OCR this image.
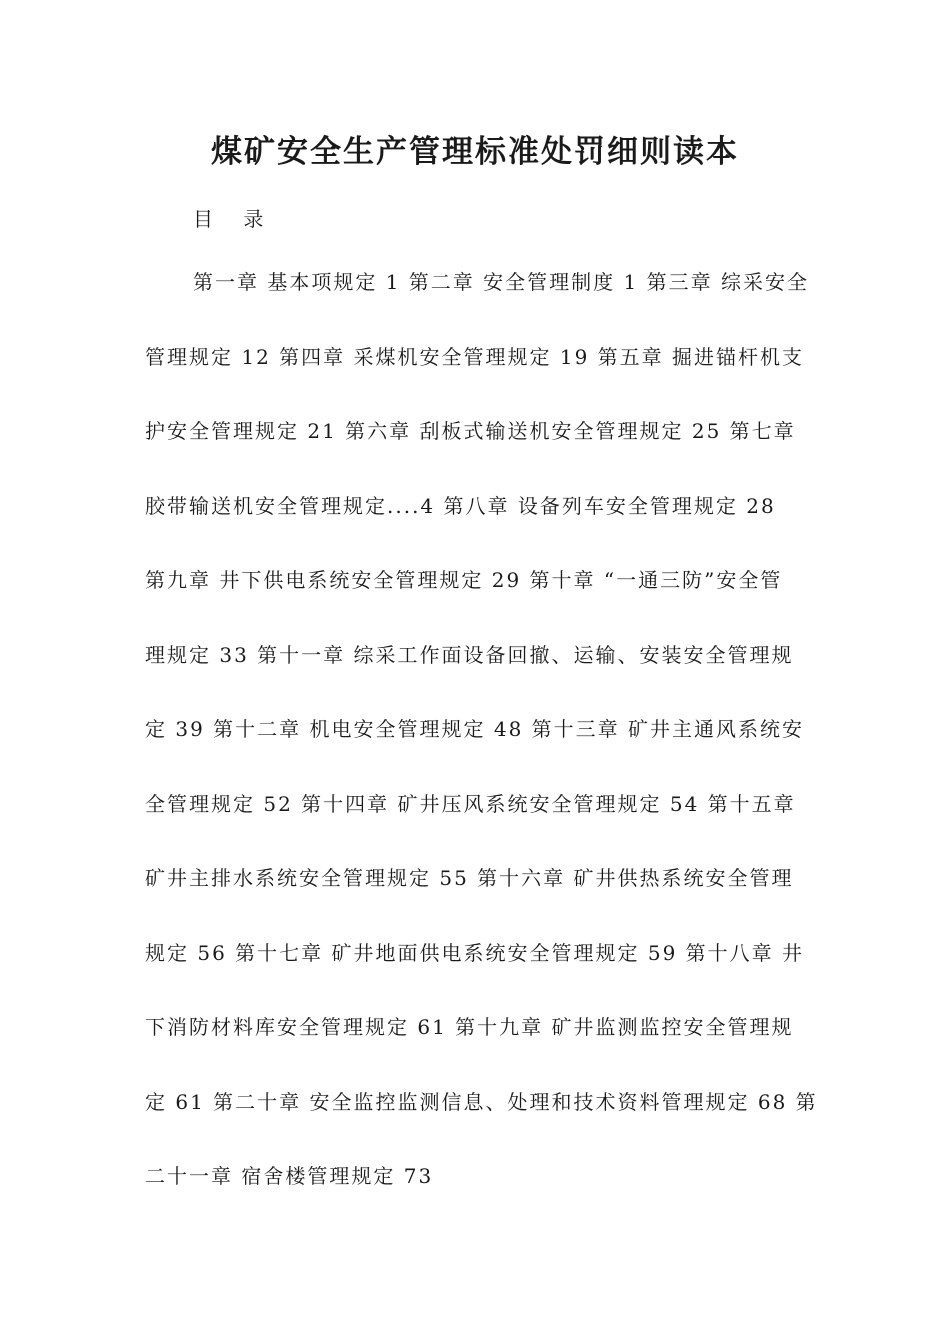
煤矿安全生产管理标准处罚细则读本
目 录
第一章 基本项规定 1 第二章 安全管理制度 1 第三章 综采安全
管理规定 12 第四章 采煤机安全管理规定 19 第五章 掘进锚杆机支
护安全管理规定 21 第六章 刮板式输送机安全管理规定 25 第七章
胶带输送机安全管理规定....4 第八章 设备列车安全管理规定 28
第九章 井下供电系统安全管理规定 29 第十章 “一通三防”安全管
理规定 33 第十一章 综采工作面设备回撤、运输、安装安全管理规
定 39 第十二章 机电安全管理规定 48 第十三章 矿井主通风系统安
全管理规定 52 第十四章 矿井压风系统安全管理规定 54 第十五章
矿井主排水系统安全管理规定 55 第十六章 矿井供热系统安全管理
规定 56 第十七章 矿井地面供电系统安全管理规定 59 第十八章 井
下消防材料库安全管理规定 61 第十九章 矿井监测监控安全管理规
定 61 第二十章 安全监控监测信息、处理和技术资料管理规定 68 第
二十一章 宿舍楼管理规定 73
